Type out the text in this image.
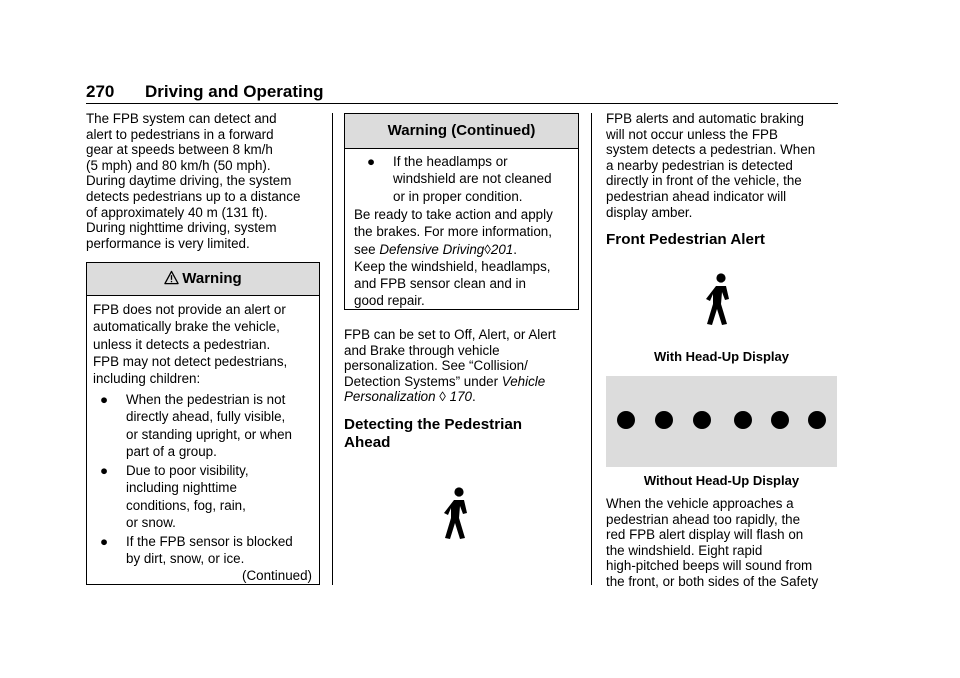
270 Driving and Operating
The FPB system can detect and
alert to pedestrians in a forward
gear at speeds between 8 km/h
(5 mph) and 80 km/h (50 mph).
During daytime driving, the system
detects pedestrians up to a distance
of approximately 40 m (131 ft).
During nighttime driving, system
performance is very limited.
Warning
FPB does not provide an alert or
automatically brake the vehicle,
unless it detects a pedestrian.
FPB may not detect pedestrians,
including children:
● When the pedestrian is not
directly ahead, fully visible,
or standing upright, or when
part of a group.
● Due to poor visibility,
including nighttime
conditions, fog, rain,
or snow.
● If the FPB sensor is blocked
by dirt, snow, or ice.
(Continued)
Warning (Continued)
● If the headlamps or
windshield are not cleaned
or in proper condition.
Be ready to take action and apply
the brakes. For more information,
see Defensive Driving◊201.
Keep the windshield, headlamps,
and FPB sensor clean and in
good repair.
FPB can be set to Off, Alert, or Alert
and Brake through vehicle
personalization. See “Collision/
Detection Systems” under Vehicle
Personalization ◊ 170.
Detecting the Pedestrian
Ahead
FPB alerts and automatic braking
will not occur unless the FPB
system detects a pedestrian. When
a nearby pedestrian is detected
directly in front of the vehicle, the
pedestrian ahead indicator will
display amber.
Front Pedestrian Alert
With Head-Up Display
Without Head-Up Display
When the vehicle approaches a
pedestrian ahead too rapidly, the
red FPB alert display will flash on
the windshield. Eight rapid
high-pitched beeps will sound from
the front, or both sides of the Safety
